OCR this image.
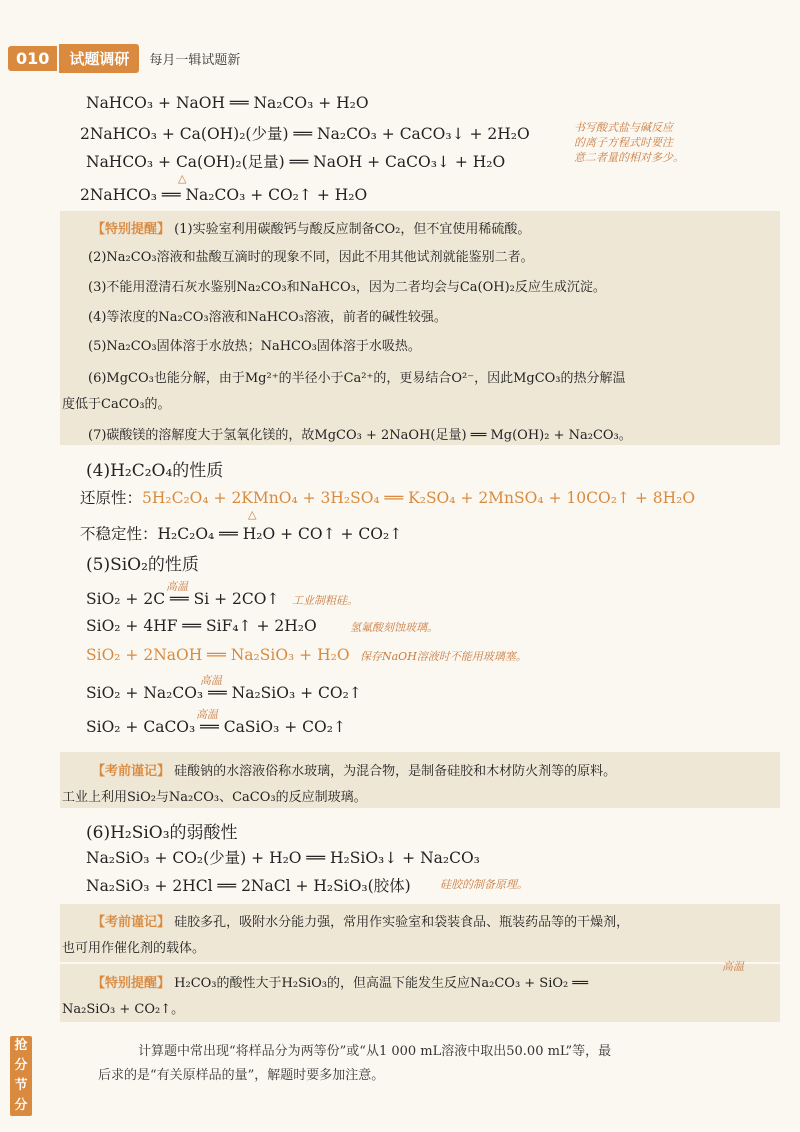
010	试题调研	每月一辑试题新
NaHCO₃ + NaOH ══ Na₂CO₃ + H₂O
2NaHCO₃ + Ca(OH)₂(少量) ══ Na₂CO₃ + CaCO₃↓ + 2H₂O
NaHCO₃ + Ca(OH)₂(足量) ══ NaOH + CaCO₃↓ + H₂O
2NaHCO₃ ══ Na₂CO₃ + CO₂↑ + H₂O
△
书写酸式盐与碱反应
的离子方程式时要注
意二者量的相对多少。
【特别提醒】 (1)实验室利用碳酸钙与酸反应制备CO₂，但不宜使用稀硫酸。
(2)Na₂CO₃溶液和盐酸互滴时的现象不同，因此不用其他试剂就能鉴别二者。
(3)不能用澄清石灰水鉴别Na₂CO₃和NaHCO₃，因为二者均会与Ca(OH)₂反应生成沉淀。
(4)等浓度的Na₂CO₃溶液和NaHCO₃溶液，前者的碱性较强。
(5)Na₂CO₃固体溶于水放热；NaHCO₃固体溶于水吸热。
(6)MgCO₃也能分解，由于Mg²⁺的半径小于Ca²⁺的，更易结合O²⁻，因此MgCO₃的热分解温
度低于CaCO₃的。
(7)碳酸镁的溶解度大于氢氧化镁的，故MgCO₃ + 2NaOH(足量) ══ Mg(OH)₂ + Na₂CO₃。
(4)H₂C₂O₄的性质
还原性：5H₂C₂O₄ + 2KMnO₄ + 3H₂SO₄ ══ K₂SO₄ + 2MnSO₄ + 10CO₂↑ + 8H₂O
不稳定性：H₂C₂O₄ ══ H₂O + CO↑ + CO₂↑
△
(5)SiO₂的性质
高温
SiO₂ + 2C ══ Si + 2CO↑ 工业制粗硅。
SiO₂ + 4HF ══ SiF₄↑ + 2H₂O	氢氟酸刻蚀玻璃。
SiO₂ + 2NaOH ══ Na₂SiO₃ + H₂O 保存NaOH溶液时不能用玻璃塞。
高温
SiO₂ + Na₂CO₃ ══ Na₂SiO₃ + CO₂↑
高温
SiO₂ + CaCO₃ ══ CaSiO₃ + CO₂↑
【考前谨记】 硅酸钠的水溶液俗称水玻璃，为混合物，是制备硅胶和木材防火剂等的原料。
工业上利用SiO₂与Na₂CO₃、CaCO₃的反应制玻璃。
(6)H₂SiO₃的弱酸性
Na₂SiO₃ + CO₂(少量) + H₂O ══ H₂SiO₃↓ + Na₂CO₃
Na₂SiO₃ + 2HCl ══ 2NaCl + H₂SiO₃(胶体)	硅胶的制备原理。
【考前谨记】 硅胶多孔，吸附水分能力强，常用作实验室和袋装食品、瓶装药品等的干燥剂，
也可用作催化剂的载体。
【特别提醒】 H₂CO₃的酸性大于H₂SiO₃的，但高温下能发生反应Na₂CO₃ + SiO₂ ══
高温
Na₂SiO₃ + CO₂↑。
抢分节分
计算题中常出现“将样品分为两等份”或“从1 000 mL溶液中取出50.00 mL”等，最
后求的是“有关原样品的量”，解题时要多加注意。
